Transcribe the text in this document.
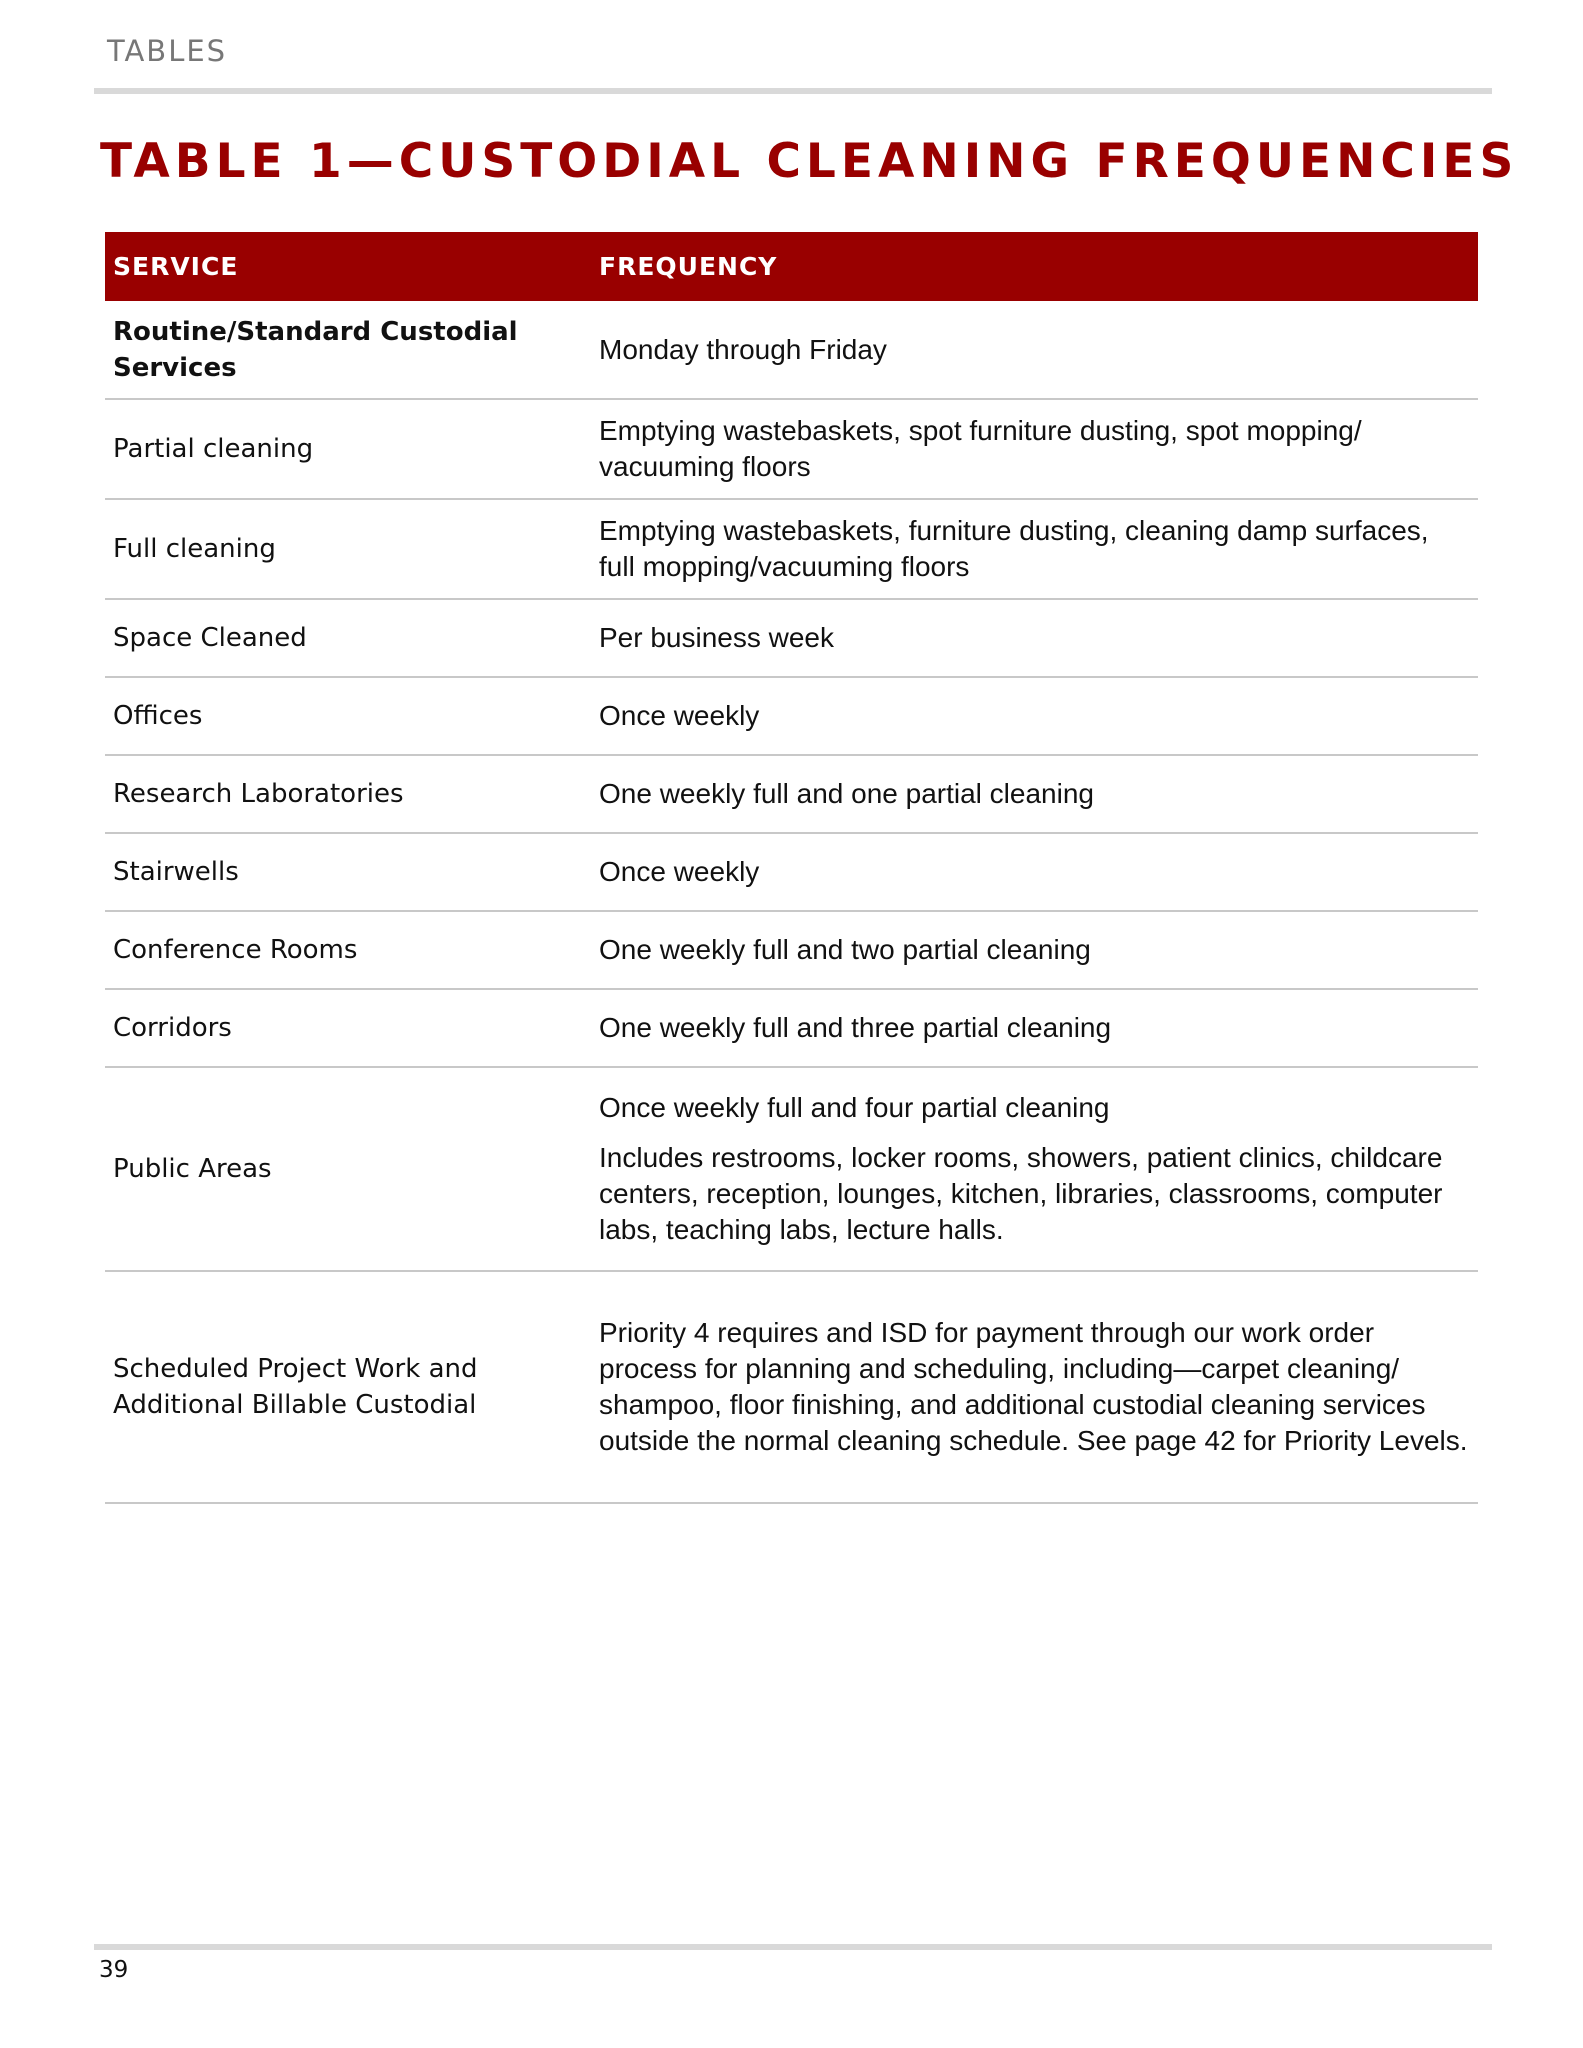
TABLES
TABLE 1—CUSTODIAL CLEANING FREQUENCIES
SERVICE	FREQUENCY
Routine/Standard Custodial Services	Monday through Friday
Partial cleaning	Emptying wastebaskets, spot furniture dusting, spot mopping/ vacuuming floors
Full cleaning	Emptying wastebaskets, furniture dusting, cleaning damp surfaces, full mopping/vacuuming floors
Space Cleaned	Per business week
Offices	Once weekly
Research Laboratories	One weekly full and one partial cleaning
Stairwells	Once weekly
Conference Rooms	One weekly full and two partial cleaning
Corridors	One weekly full and three partial cleaning
Public Areas	Once weekly full and four partial cleaning
Includes restrooms, locker rooms, showers, patient clinics, childcare centers, reception, lounges, kitchen, libraries, classrooms, computer labs, teaching labs, lecture halls.

Scheduled Project Work and Additional Billable Custodial	Priority 4 requires and ISD for payment through our work order process for planning and scheduling, including—carpet cleaning/ shampoo, floor finishing, and additional custodial cleaning services outside the normal cleaning schedule. See page 42 for Priority Levels.
39
